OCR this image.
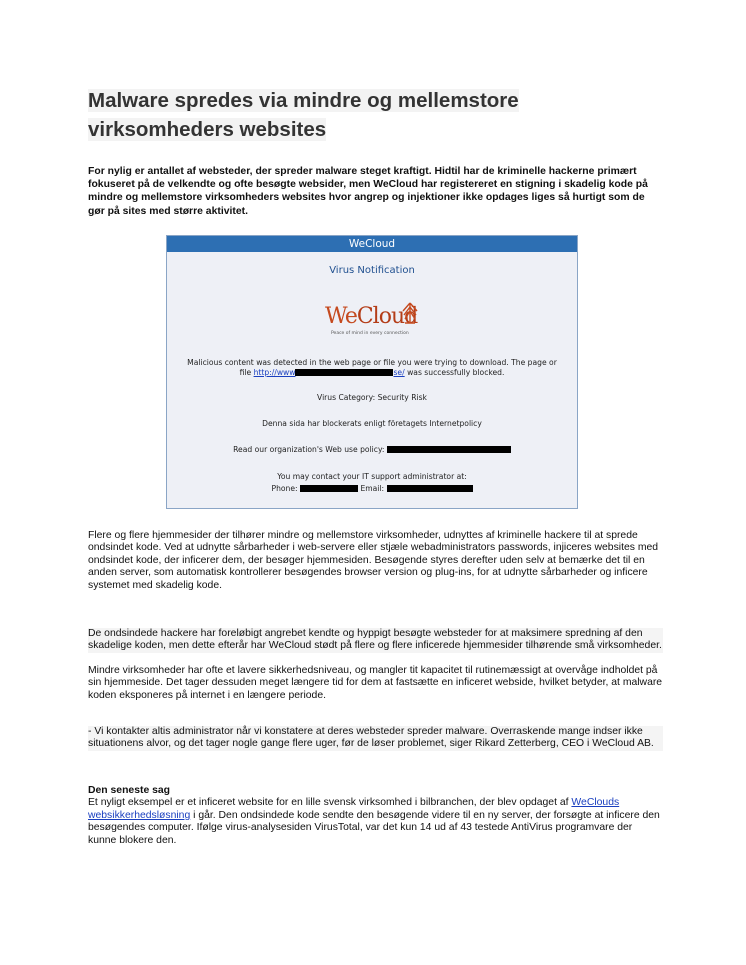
Malware spredes via mindre og mellemstore
virksomheders websites
For nylig er antallet af websteder, der spreder malware steget kraftigt. Hidtil har de kriminelle hackerne primært fokuseret på de velkendte og ofte besøgte websider, men WeCloud har registereret en stigning i skadelig kode på mindre og mellemstore virksomheders websites hvor angrep og injektioner ikke opdages liges så hurtigt som de gør på sites med større aktivitet.
WeCloud
Virus Notification
WeCloud
Peace of mind in every connection
Malicious content was detected in the web page or file you were trying to download. The page or
file http://www	se/ was successfully blocked.
Virus Category: Security Risk
Denna sida har blockerats enligt företagets Internetpolicy
Read our organization's Web use policy:
You may contact your IT support administrator at:
Phone:	Email:
Flere og flere hjemmesider der tilhører mindre og mellemstore virksomheder, udnyttes af kriminelle hackere til at sprede ondsindet kode. Ved at udnytte sårbarheder i web-servere eller stjæle webadministrators passwords, injiceres websites med ondsindet kode, der inficerer dem, der besøger hjemmesiden. Besøgende styres derefter uden selv at bemærke det til en anden server, som automatisk kontrollerer besøgendes browser version og plug-ins, for at udnytte sårbarheder og inficere systemet med skadelig kode.
De ondsindede hackere har foreløbigt angrebet kendte og hyppigt besøgte websteder for at maksimere spredning af den skadelige koden, men dette efterår har WeCloud stødt på flere og flere inficerede hjemmesider tilhørende små virksomheder.
Mindre virksomheder har ofte et lavere sikkerhedsniveau, og mangler tit kapacitet til rutinemæssigt at overvåge indholdet på sin hjemmeside. Det tager dessuden meget længere tid for dem at fastsætte en inficeret webside, hvilket betyder, at malware koden eksponeres på internet i en længere periode.
- Vi kontakter altis administrator når vi konstatere at deres websteder spreder malware. Overraskende mange indser ikke situationens alvor, og det tager nogle gange flere uger, før de løser problemet, siger Rikard Zetterberg, CEO i WeCloud AB.
Den seneste sag
Et nyligt eksempel er et inficeret website for en lille svensk virksomhed i bilbranchen, der blev opdaget af WeClouds websikkerhedsløsning i går. Den ondsindede kode sendte den besøgende videre til en ny server, der forsøgte at inficere den besøgendes computer. Ifølge virus-analysesiden VirusTotal, var det kun 14 ud af 43 testede AntiVirus programvare der kunne blokere den.
